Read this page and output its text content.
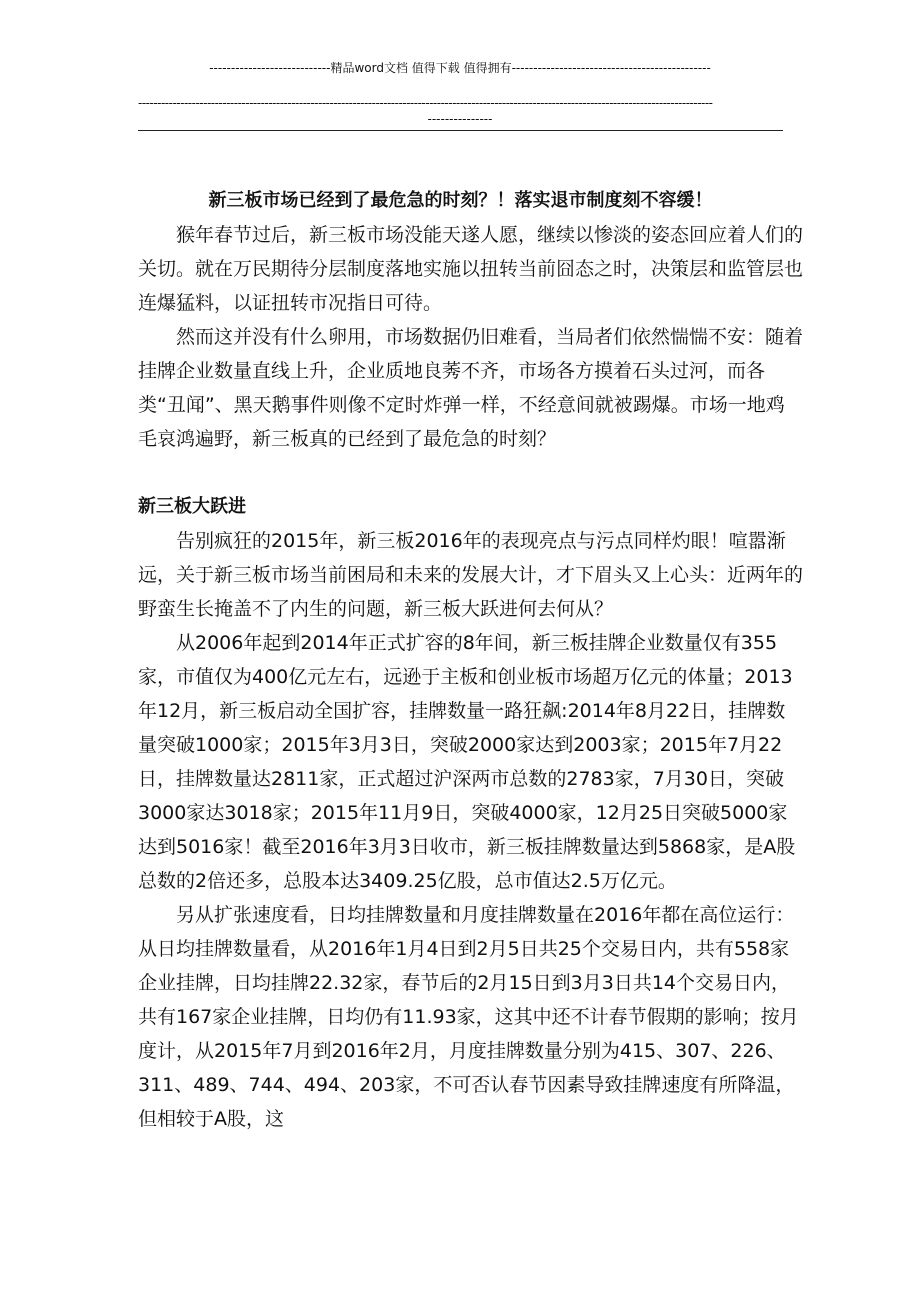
----------------------------精品word文档 值得下载 值得拥有----------------------------------------------
------------------------------------------------------------------------------------------------------------------------------------------------------
---------------

新三板市场已经到了最危急的时刻？！落实退市制度刻不容缓！

猴年春节过后，新三板市场没能天遂人愿，继续以惨淡的姿态回应着人们的关切。就在万民期待分层制度落地实施以扭转当前囧态之时，决策层和监管层也连爆猛料，以证扭转市况指日可待。

然而这并没有什么卵用，市场数据仍旧难看，当局者们依然惴惴不安：随着挂牌企业数量直线上升，企业质地良莠不齐，市场各方摸着石头过河，而各类“丑闻”、黑天鹅事件则像不定时炸弹一样，不经意间就被踢爆。市场一地鸡毛哀鸿遍野，新三板真的已经到了最危急的时刻？

新三板大跃进

告别疯狂的2015年，新三板2016年的表现亮点与污点同样灼眼！喧嚣渐远，关于新三板市场当前困局和未来的发展大计，才下眉头又上心头：近两年的野蛮生长掩盖不了内生的问题，新三板大跃进何去何从？

从2006年起到2014年正式扩容的8年间，新三板挂牌企业数量仅有355家，市值仅为400亿元左右，远逊于主板和创业板市场超万亿元的体量；2013年12月，新三板启动全国扩容，挂牌数量一路狂飙:2014年8月22日，挂牌数量突破1000家；2015年3月3日，突破2000家达到2003家；2015年7月22日，挂牌数量达2811家，正式超过沪深两市总数的2783家，7月30日，突破3000家达3018家；2015年11月9日，突破4000家，12月25日突破5000家达到5016家！截至2016年3月3日收市，新三板挂牌数量达到5868家，是A股总数的2倍还多，总股本达3409.25亿股，总市值达2.5万亿元。

另从扩张速度看，日均挂牌数量和月度挂牌数量在2016年都在高位运行：从日均挂牌数量看，从2016年1月4日到2月5日共25个交易日内，共有558家企业挂牌，日均挂牌22.32家，春节后的2月15日到3月3日共14个交易日内，共有167家企业挂牌，日均仍有11.93家，这其中还不计春节假期的影响；按月度计，从2015年7月到2016年2月，月度挂牌数量分别为415、307、226、311、489、744、494、203家，不可否认春节因素导致挂牌速度有所降温，但相较于A股，这
